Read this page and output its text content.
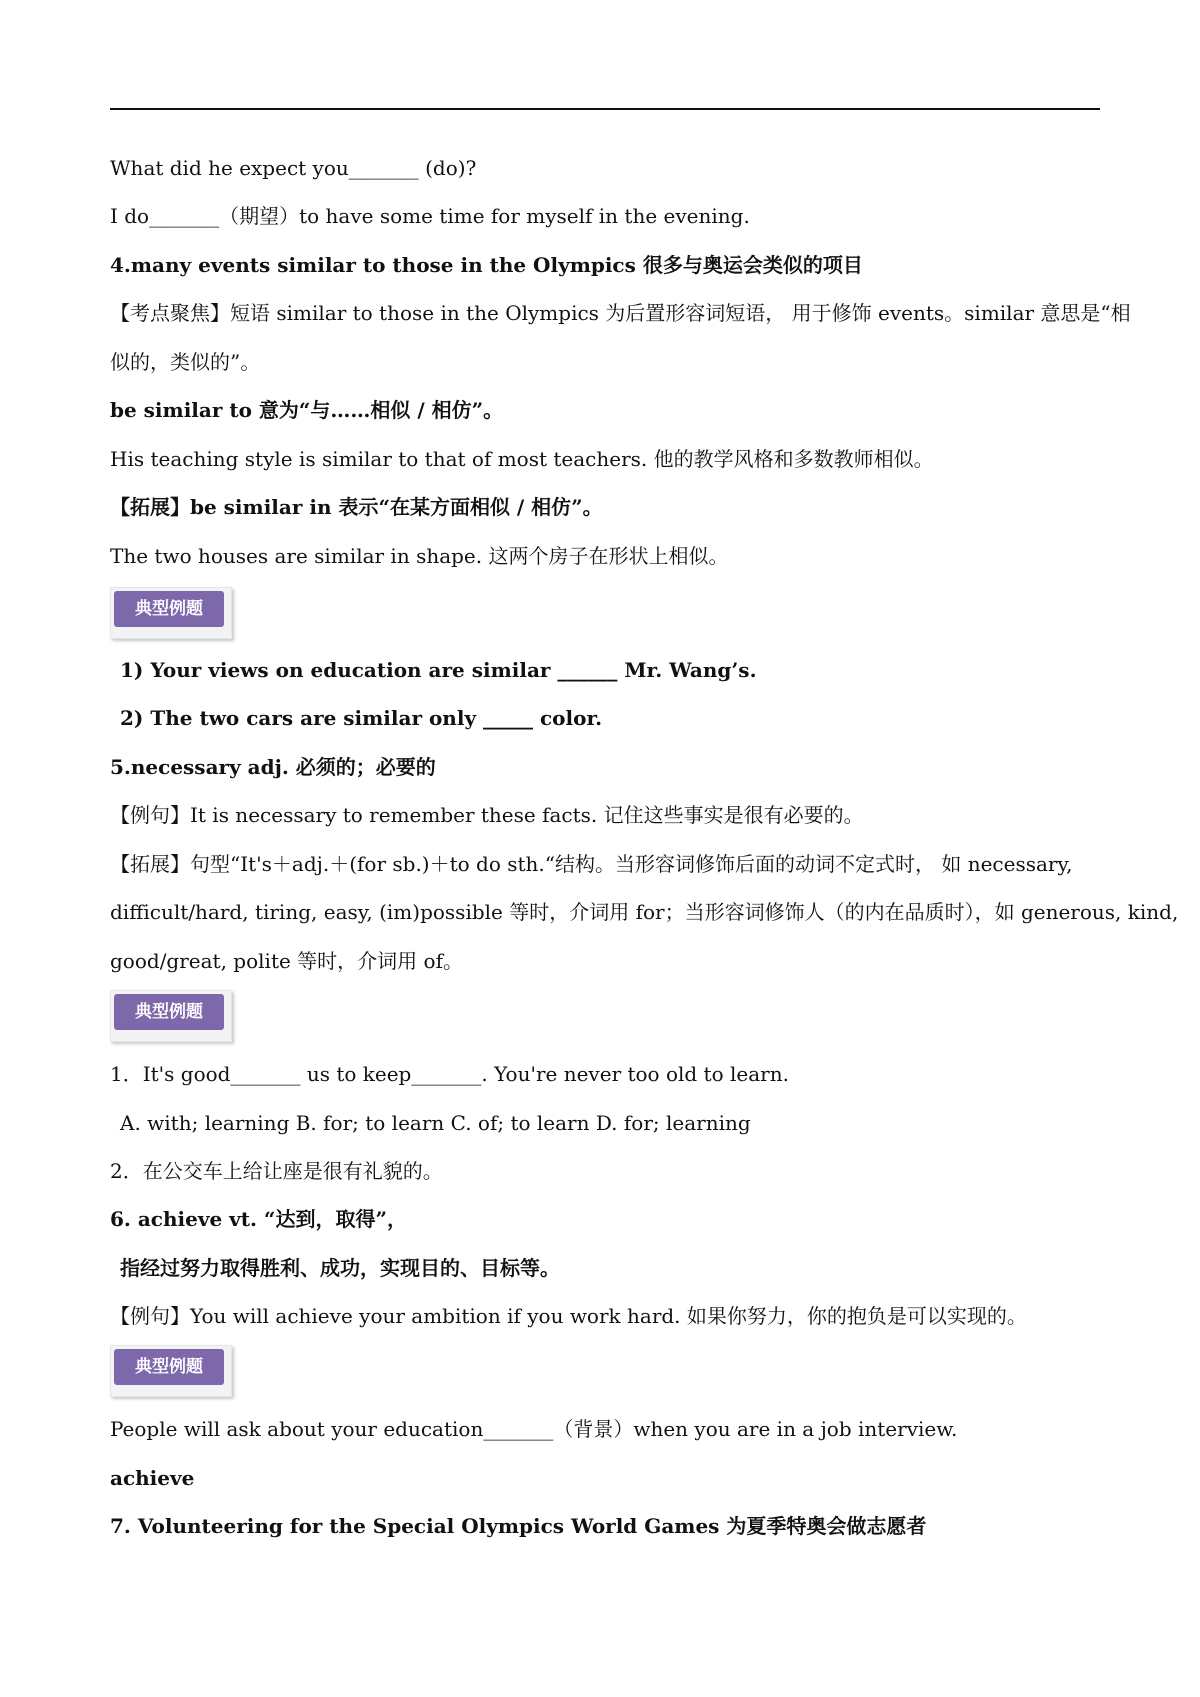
What did he expect you_______ (do)?
I do_______（期望）to have some time for myself in the evening.
4.many events similar to those in the Olympics 很多与奥运会类似的项目
【考点聚焦】短语 similar to those in the Olympics 为后置形容词短语， 用于修饰 events。similar 意思是“相
似的，类似的”。
be similar to 意为“与……相似 / 相仿”。
His teaching style is similar to that of most teachers. 他的教学风格和多数教师相似。
【拓展】be similar in 表示“在某方面相似 / 相仿”。
The two houses are similar in shape. 这两个房子在形状上相似。
典型例题
1) Your views on education are similar ______ Mr. Wang’s.
2) The two cars are similar only _____ color.
5.necessary adj. 必须的；必要的
【例句】It is necessary to remember these facts. 记住这些事实是很有必要的。
【拓展】句型“It's＋adj.＋(for sb.)＋to do sth.“结构。当形容词修饰后面的动词不定式时， 如 necessary,
difficult/hard, tiring, easy, (im)possible 等时，介词用 for；当形容词修饰人（的内在品质时），如 generous, kind,
good/great, polite 等时，介词用 of。
典型例题
1．It's good_______ us to keep_______. You're never too old to learn.
A. with; learning B. for; to learn C. of; to learn D. for; learning
2．在公交车上给让座是很有礼貌的。
6. achieve vt. “达到，取得”，
指经过努力取得胜利、成功，实现目的、目标等。
【例句】You will achieve your ambition if you work hard. 如果你努力，你的抱负是可以实现的。
典型例题
People will ask about your education_______（背景）when you are in a job interview.
achieve
7. Volunteering for the Special Olympics World Games 为夏季特奥会做志愿者
